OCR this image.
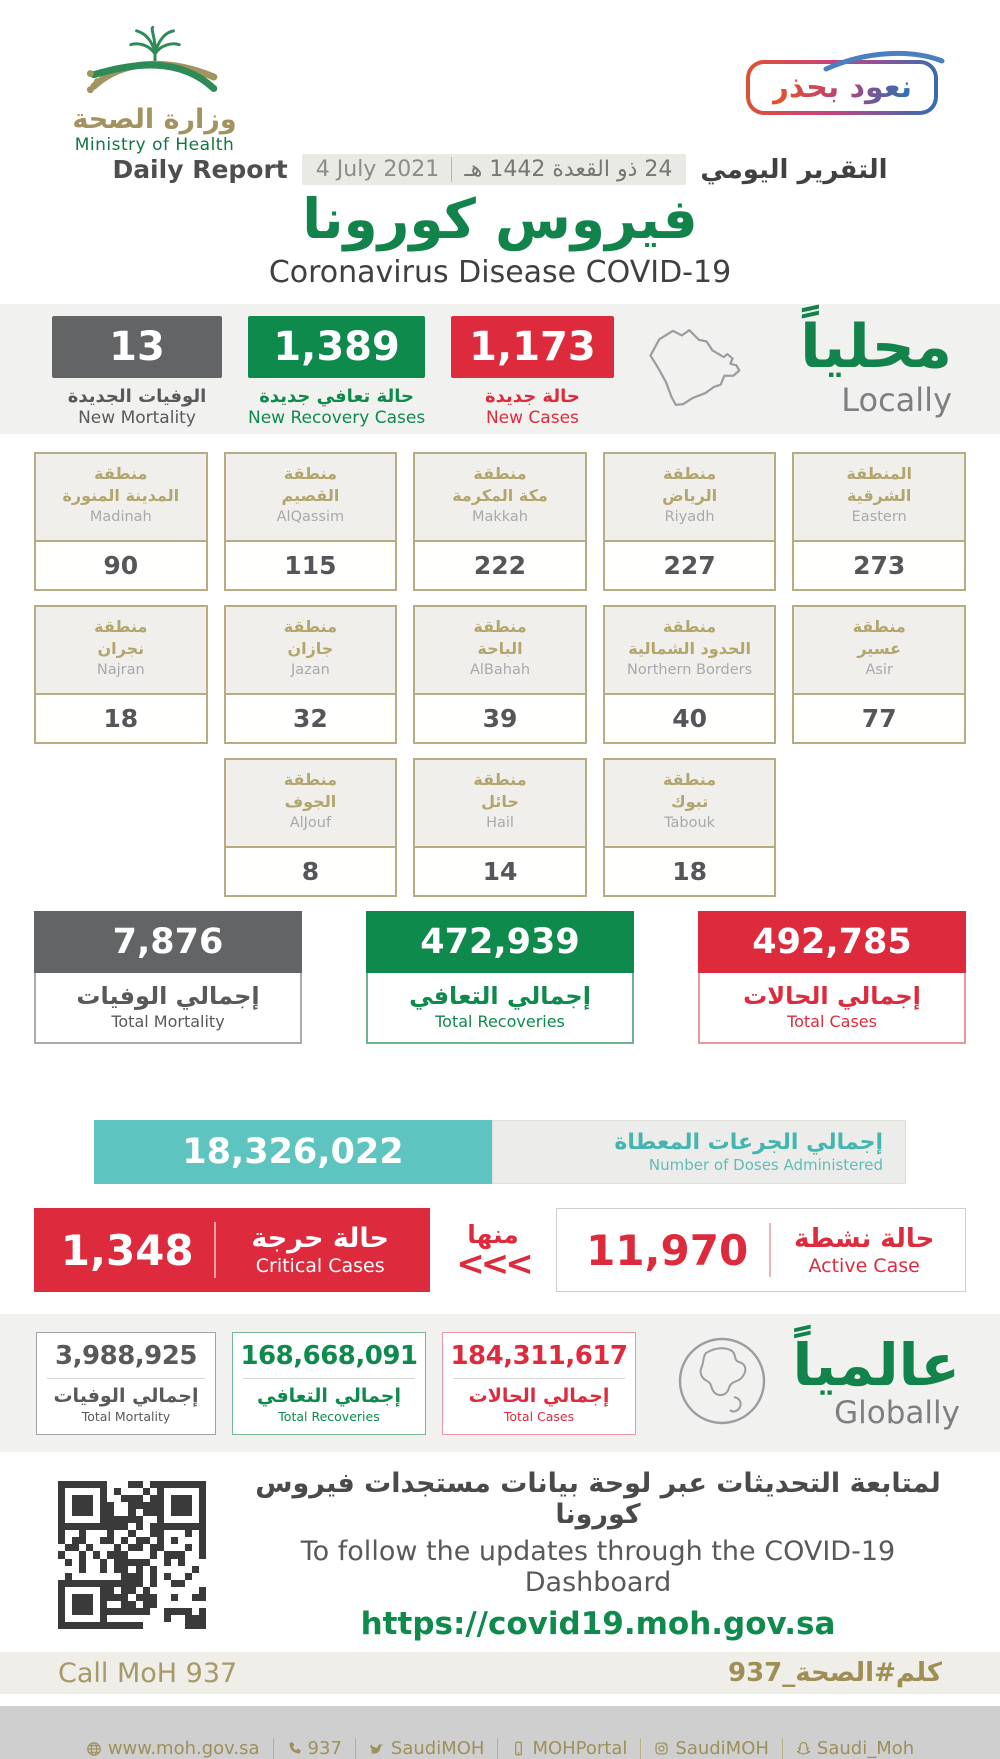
وزارة الصحة
Ministry of Health
نعود بحذر
Daily Report 4 July 2021	24 ذو القعدة 1442 هـ التقرير اليومي
فيروس كورونا
Coronavirus Disease COVID-19
13
الوفيات الجديدة
New Mortality
1,389
حالة تعافي جديدة
New Recovery Cases
1,173
حالة جديدة
New Cases
محلياً
Locally
منطقة
المدينة المنورة
Madinah
90
منطقة
القصيم
AlQassim
115
منطقة
مكة المكرمة
Makkah
222
منطقة
الرياض
Riyadh
227
المنطقة
الشرقية
Eastern
273
منطقة
نجران
Najran
18
منطقة
جازان
Jazan
32
منطقة
الباحة
AlBahah
39
منطقة
الحدود الشمالية
Northern Borders
40
منطقة
عسير
Asir
77
منطقة
الجوف
AlJouf
8
منطقة
حائل
Hail
14
منطقة
تبوك
Tabouk
18
7,876
إجمالي الوفيات
Total Mortality
472,939
إجمالي التعافي
Total Recoveries
492,785
إجمالي الحالات
Total Cases
18,326,022	إجمالي الجرعات المعطاة
Number of Doses Administered
1,348	حالة حرجة
Critical Cases
منها
<<<	11,970	حالة نشطة
Active Case
3,988,925
إجمالي الوفيات
Total Mortality
168,668,091
إجمالي التعافي
Total Recoveries
184,311,617
إجمالي الحالات
Total Cases
عالمياً
Globally
لمتابعة التحديثات عبر لوحة بيانات مستجدات فيروس كورونا
To follow the updates through the COVID-19 Dashboard
https://covid19.moh.gov.sa
Call MoH 937	كلم#الصحة_937
www.moh.gov.sa	937	SaudiMOH	MOHPortal	SaudiMOH	Saudi_Moh
